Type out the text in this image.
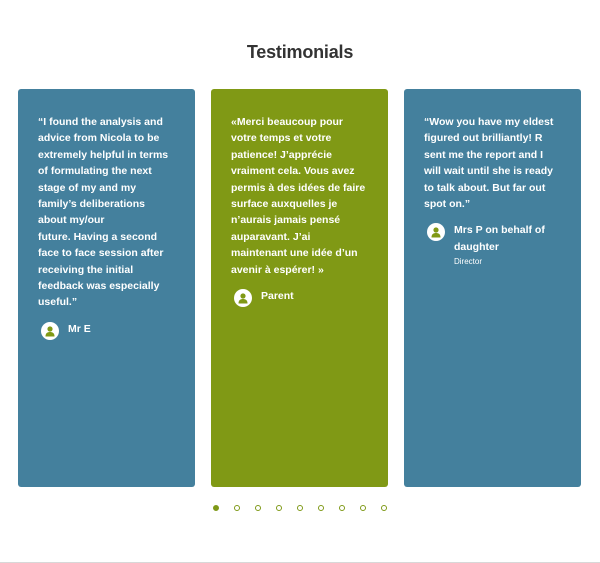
Testimonials

“I found the analysis and
advice from Nicola to be
extremely helpful in terms
of formulating the next
stage of my and my
family’s deliberations
about my/our
future. Having a second
face to face session after
receiving the initial
feedback was especially
useful.”

Mr E

«Merci beaucoup pour
votre temps et votre
patience! J’apprécie
vraiment cela. Vous avez
permis à des idées de faire
surface auxquelles je
n’aurais jamais pensé
auparavant. J’ai
maintenant une idée d’un
avenir à espérer! »

Parent

“Wow you have my eldest
figured out brilliantly! R
sent me the report and I
will wait until she is ready
to talk about. But far out
spot on.”

Mrs P on behalf of
daughter
Director
